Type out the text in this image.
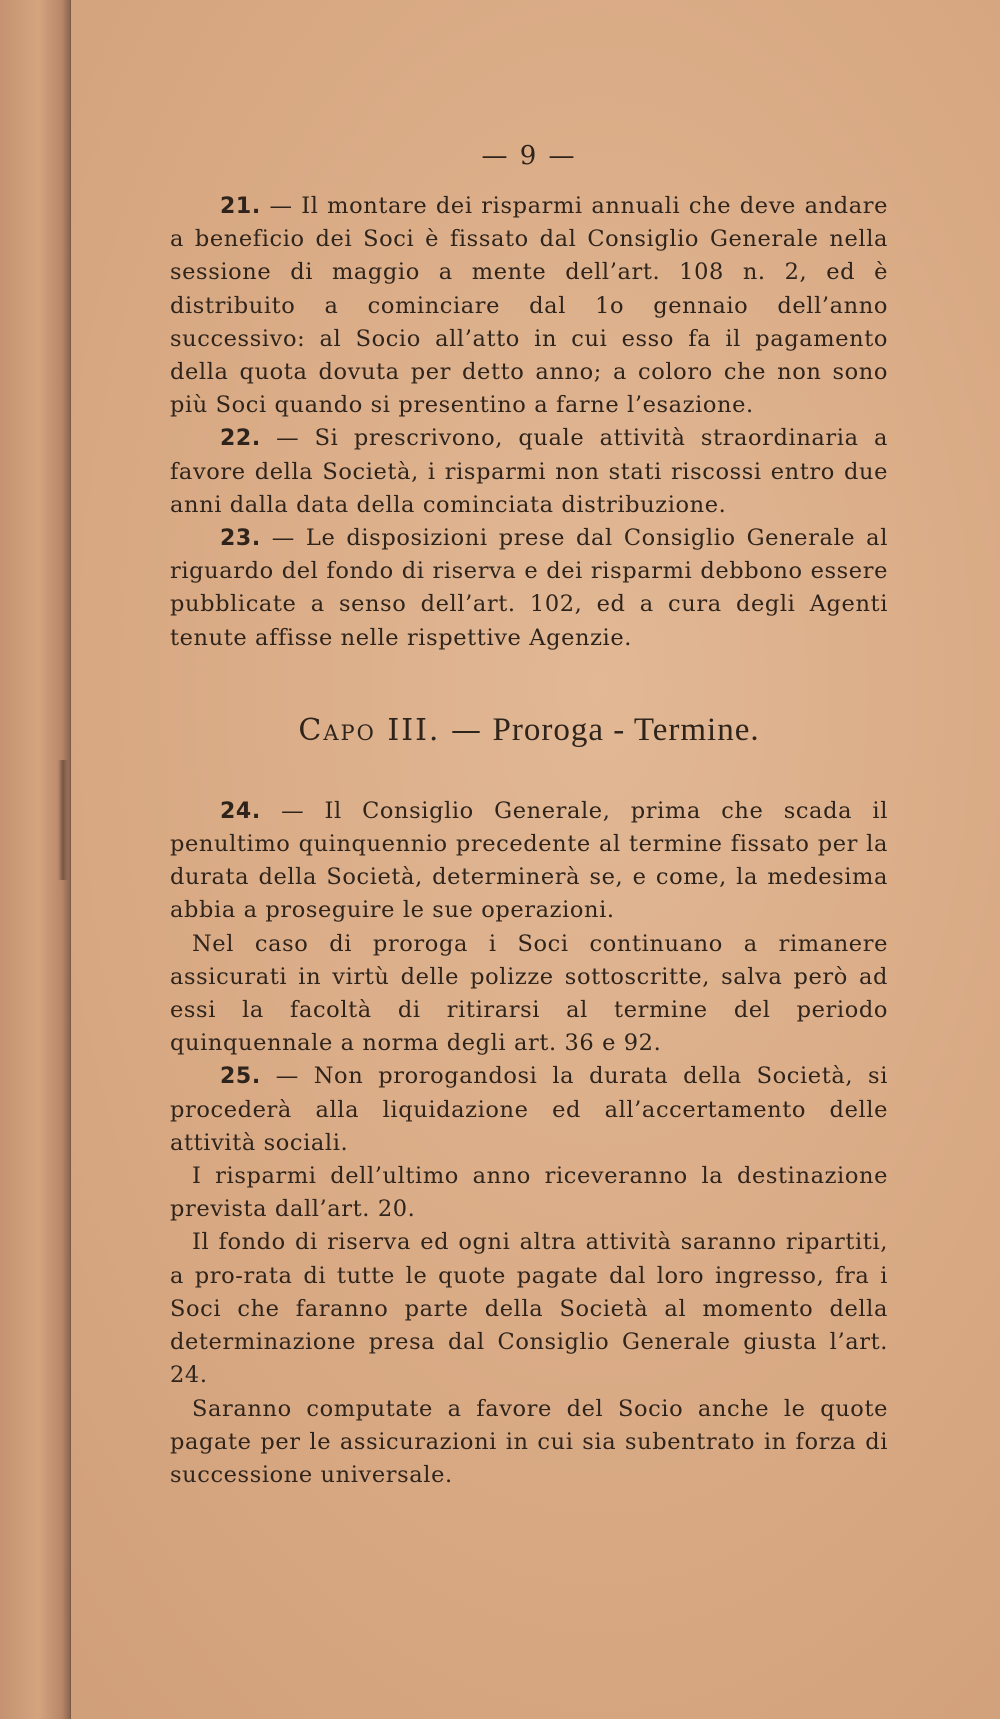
— 9 —

21. — Il montare dei risparmi annuali che deve andare a beneficio dei Soci è fissato dal Consiglio Generale nella sessione di maggio a mente dell’art. 108 n. 2, ed è distribuito a cominciare dal 1o gennaio dell’anno successivo: al Socio all’atto in cui esso fa il pagamento della quota dovuta per detto anno; a coloro che non sono più Soci quando si presentino a farne l’esazione.

22. — Si prescrivono, quale attività straordinaria a favore della Società, i risparmi non stati riscossi entro due anni dalla data della cominciata distribuzione.

23. — Le disposizioni prese dal Consiglio Generale al riguardo del fondo di riserva e dei risparmi debbono essere pubblicate a senso dell’art. 102, ed a cura degli Agenti tenute affisse nelle rispettive Agenzie.

Capo III. — Proroga - Termine.

24. — Il Consiglio Generale, prima che scada il penultimo quinquennio precedente al termine fissato per la durata della Società, determinerà se, e come, la medesima abbia a proseguire le sue operazioni.

Nel caso di proroga i Soci continuano a rimanere assicurati in virtù delle polizze sottoscritte, salva però ad essi la facoltà di ritirarsi al termine del periodo quinquennale a norma degli art. 36 e 92.

25. — Non prorogandosi la durata della Società, si procederà alla liquidazione ed all’accertamento delle attività sociali.

I risparmi dell’ultimo anno riceveranno la destinazione prevista dall’art. 20.

Il fondo di riserva ed ogni altra attività saranno ripartiti, a pro-rata di tutte le quote pagate dal loro ingresso, fra i Soci che faranno parte della Società al momento della determinazione presa dal Consiglio Generale giusta l’art. 24.

Saranno computate a favore del Socio anche le quote pagate per le assicurazioni in cui sia subentrato in forza di successione universale.
